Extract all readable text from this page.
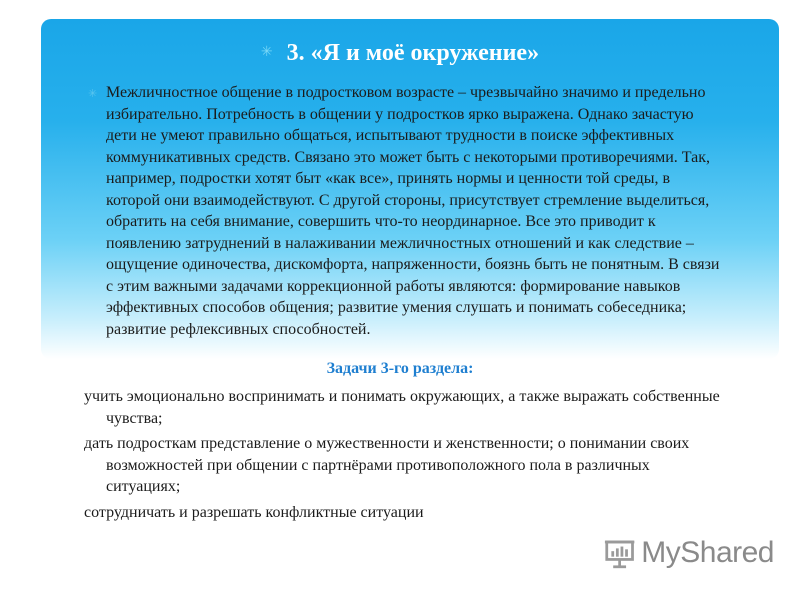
✳ 3. «Я и моё окружение»
✳ Межличностное общение в подростковом возрасте – чрезвычайно значимо и предельно избирательно. Потребность в общении у подростков ярко выражена. Однако зачастую дети не умеют правильно общаться, испытывают трудности в поиске эффективных коммуникативных средств. Связано это может быть с некоторыми противоречиями. Так, например, подростки хотят быт «как все», принять нормы и ценности той среды, в которой они взаимодействуют. С другой стороны, присутствует стремление выделиться, обратить на себя внимание, совершить что-то неординарное. Все это приводит к появлению затруднений в налаживании межличностных отношений и как следствие – ощущение одиночества, дискомфорта, напряженности, боязнь быть не понятным. В связи с этим важными задачами коррекционной работы являются: формирование навыков эффективных способов общения; развитие умения слушать и понимать собеседника; развитие рефлексивных способностей.

Задачи 3-го раздела:

учить эмоционально воспринимать и понимать окружающих, а также выражать собственные чувства;

дать подросткам представление о мужественности и женственности; о понимании своих возможностей при общении с партнёрами противоположного пола в различных ситуациях;

сотрудничать и разрешать конфликтные ситуации

MyShared
